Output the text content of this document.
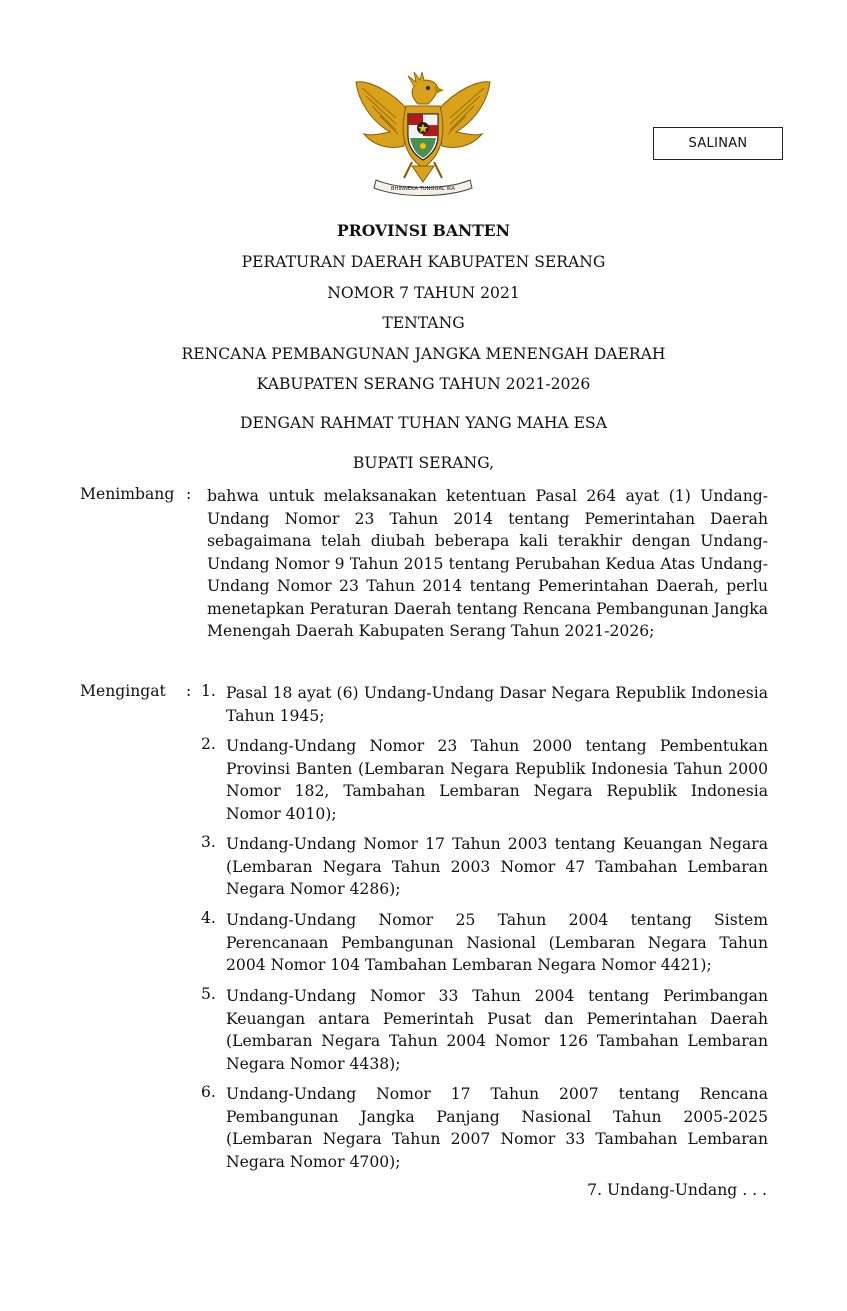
BHINNEKA TUNGGAL IKA
SALINAN
PROVINSI BANTEN
PERATURAN DAERAH KABUPATEN SERANG
NOMOR 7 TAHUN 2021
TENTANG
RENCANA PEMBANGUNAN JANGKA MENENGAH DAERAH
KABUPATEN SERANG TAHUN 2021-2026
DENGAN RAHMAT TUHAN YANG MAHA ESA
BUPATI SERANG,
Menimbang : bahwa untuk melaksanakan ketentuan Pasal 264 ayat (1) Undang-Undang Nomor 23 Tahun 2014 tentang Pemerintahan Daerah sebagaimana telah diubah beberapa kali terakhir dengan Undang-Undang Nomor 9 Tahun 2015 tentang Perubahan Kedua Atas Undang-Undang Nomor 23 Tahun 2014 tentang Pemerintahan Daerah, perlu menetapkan Peraturan Daerah tentang Rencana Pembangunan Jangka Menengah Daerah Kabupaten Serang Tahun 2021-2026;

Mengingat : 1. Pasal 18 ayat (6) Undang-Undang Dasar Negara Republik Indonesia Tahun 1945;

2. Undang-Undang Nomor 23 Tahun 2000 tentang Pembentukan Provinsi Banten (Lembaran Negara Republik Indonesia Tahun 2000 Nomor 182, Tambahan Lembaran Negara Republik Indonesia Nomor 4010);

3. Undang-Undang Nomor 17 Tahun 2003 tentang Keuangan Negara (Lembaran Negara Tahun 2003 Nomor 47 Tambahan Lembaran Negara Nomor 4286);

4. Undang-Undang Nomor 25 Tahun 2004 tentang Sistem Perencanaan Pembangunan Nasional (Lembaran Negara Tahun 2004 Nomor 104 Tambahan Lembaran Negara Nomor 4421);

5. Undang-Undang Nomor 33 Tahun 2004 tentang Perimbangan Keuangan antara Pemerintah Pusat dan Pemerintahan Daerah (Lembaran Negara Tahun 2004 Nomor 126 Tambahan Lembaran Negara Nomor 4438);

6. Undang-Undang Nomor 17 Tahun 2007 tentang Rencana Pembangunan Jangka Panjang Nasional Tahun 2005-2025 (Lembaran Negara Tahun 2007 Nomor 33 Tambahan Lembaran Negara Nomor 4700);

7. Undang-Undang . . .
